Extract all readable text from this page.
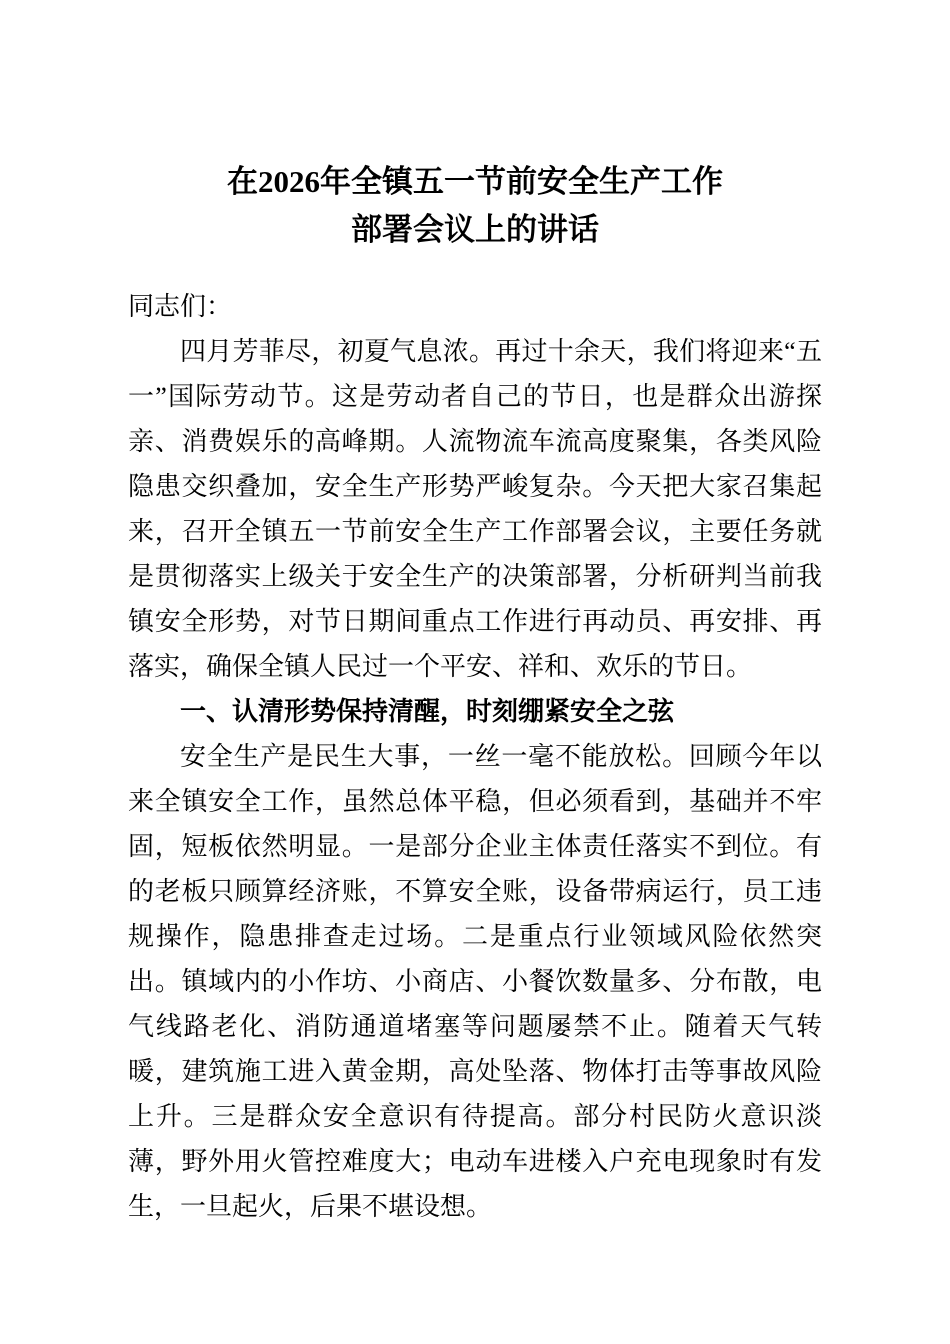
在2026年全镇五一节前安全生产工作
部署会议上的讲话

同志们：

四月芳菲尽，初夏气息浓。再过十余天，我们将迎来“五一”国际劳动节。这是劳动者自己的节日，也是群众出游探亲、消费娱乐的高峰期。人流物流车流高度聚集，各类风险隐患交织叠加，安全生产形势严峻复杂。今天把大家召集起来，召开全镇五一节前安全生产工作部署会议，主要任务就是贯彻落实上级关于安全生产的决策部署，分析研判当前我镇安全形势，对节日期间重点工作进行再动员、再安排、再落实，确保全镇人民过一个平安、祥和、欢乐的节日。

一、认清形势保持清醒，时刻绷紧安全之弦

安全生产是民生大事，一丝一毫不能放松。回顾今年以来全镇安全工作，虽然总体平稳，但必须看到，基础并不牢固，短板依然明显。一是部分企业主体责任落实不到位。有的老板只顾算经济账，不算安全账，设备带病运行，员工违规操作，隐患排查走过场。二是重点行业领域风险依然突出。镇域内的小作坊、小商店、小餐饮数量多、分布散，电气线路老化、消防通道堵塞等问题屡禁不止。随着天气转暖，建筑施工进入黄金期，高处坠落、物体打击等事故风险上升。三是群众安全意识有待提高。部分村民防火意识淡薄，野外用火管控难度大；电动车进楼入户充电现象时有发生，一旦起火，后果不堪设想。
